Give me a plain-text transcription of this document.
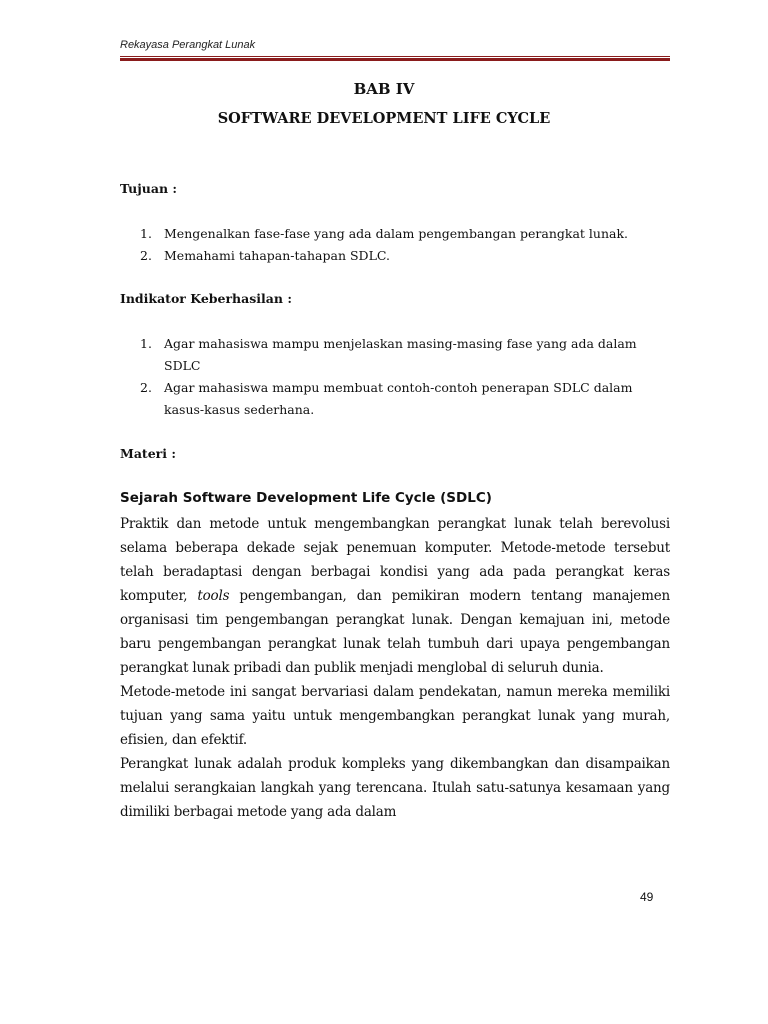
Rekayasa Perangkat Lunak
BAB IV
SOFTWARE DEVELOPMENT LIFE CYCLE
Tujuan :
1. Mengenalkan fase-fase yang ada dalam pengembangan perangkat lunak.
2. Memahami tahapan-tahapan SDLC.
Indikator Keberhasilan :
1. Agar mahasiswa mampu menjelaskan masing-masing fase yang ada dalam SDLC
2. Agar mahasiswa mampu membuat contoh-contoh penerapan SDLC dalam kasus-kasus sederhana.
Materi :
Sejarah Software Development Life Cycle (SDLC)

Praktik dan metode untuk mengembangkan perangkat lunak telah berevolusi selama beberapa dekade sejak penemuan komputer. Metode-metode tersebut telah beradaptasi dengan berbagai kondisi yang ada pada perangkat keras komputer, tools pengembangan, dan pemikiran modern tentang manajemen organisasi tim pengembangan perangkat lunak. Dengan kemajuan ini, metode baru pengembangan perangkat lunak telah tumbuh dari upaya pengembangan perangkat lunak pribadi dan publik menjadi menglobal di seluruh dunia.

Metode-metode ini sangat bervariasi dalam pendekatan, namun mereka memiliki tujuan yang sama yaitu untuk mengembangkan perangkat lunak yang murah, efisien, dan efektif.

Perangkat lunak adalah produk kompleks yang dikembangkan dan disampaikan melalui serangkaian langkah yang terencana. Itulah satu-satunya kesamaan yang dimiliki berbagai metode yang ada dalam

49
